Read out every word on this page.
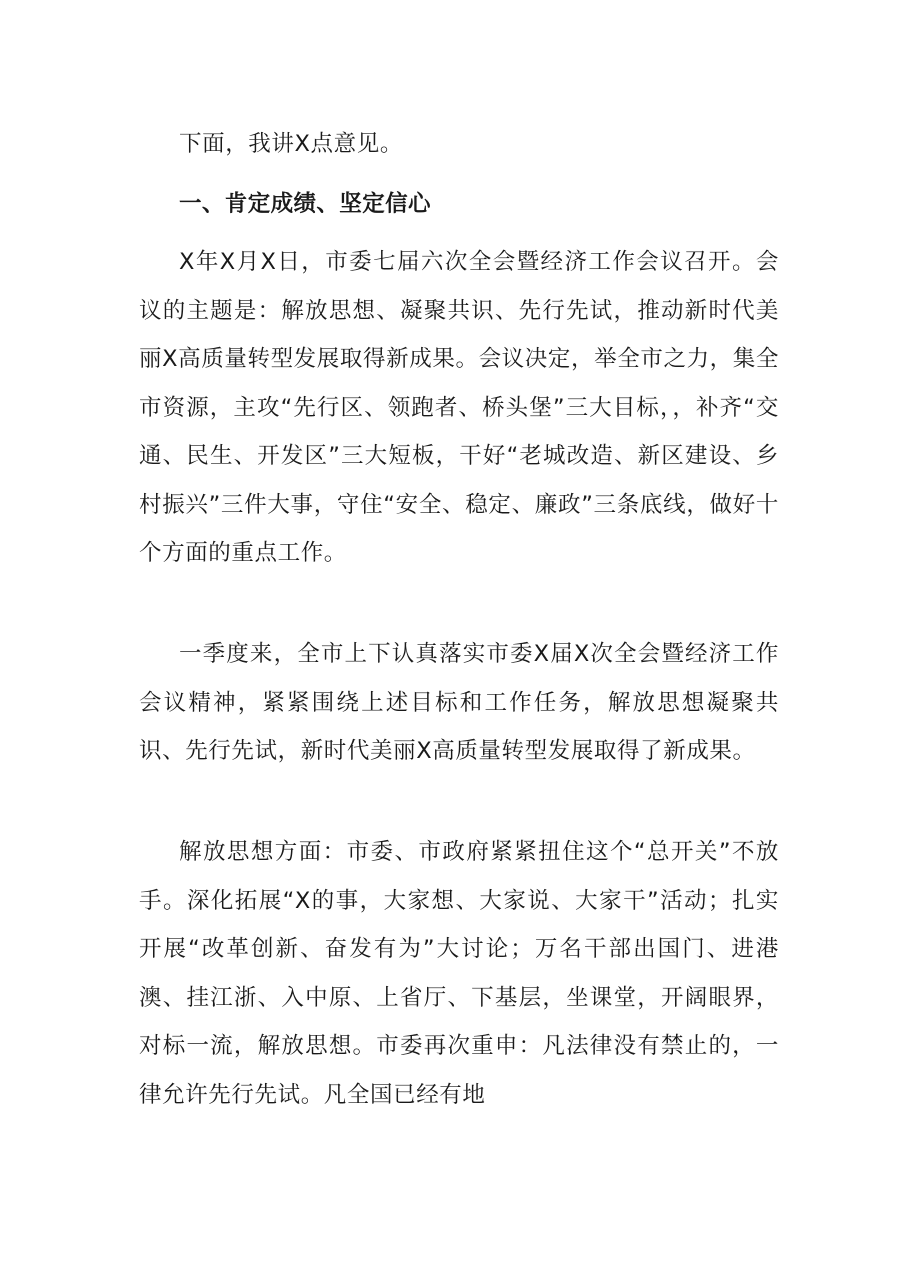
下面，我讲X点意见。

一、肯定成绩、坚定信心

X年X月X日，市委七届六次全会暨经济工作会议召开。会议的主题是：解放思想、凝聚共识、先行先试，推动新时代美丽X高质量转型发展取得新成果。会议决定，举全市之力，集全市资源，主攻“先行区、领跑者、桥头堡”三大目标，，补齐“交通、民生、开发区”三大短板，干好“老城改造、新区建设、乡村振兴”三件大事，守住“安全、稳定、廉政”三条底线，做好十个方面的重点工作。

一季度来，全市上下认真落实市委X届X次全会暨经济工作会议精神，紧紧围绕上述目标和工作任务，解放思想凝聚共识、先行先试，新时代美丽X高质量转型发展取得了新成果。

解放思想方面：市委、市政府紧紧扭住这个“总开关”不放手。深化拓展“X的事，大家想、大家说、大家干”活动；扎实开展“改革创新、奋发有为”大讨论；万名干部出国门、进港澳、挂江浙、入中原、上省厅、下基层，坐课堂，开阔眼界，对标一流，解放思想。市委再次重申：凡法律没有禁止的，一律允许先行先试。凡全国已经有地
